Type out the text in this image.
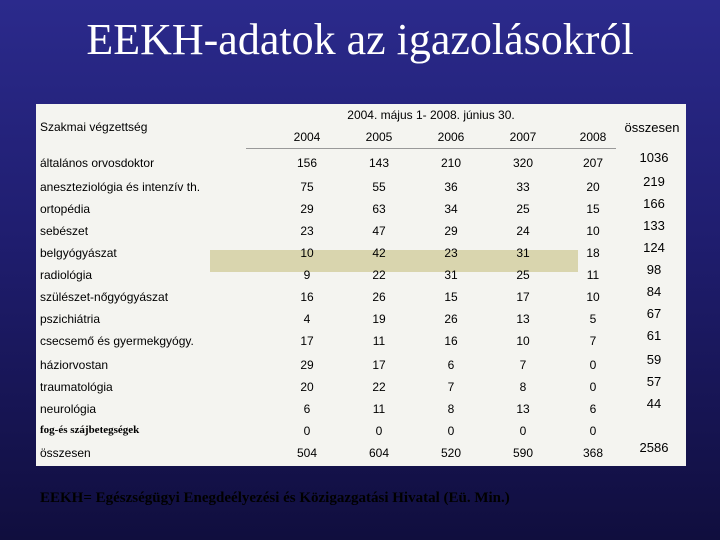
EEKH-adatok az igazolásokról
Szakmai végzettség
2004. május 1- 2008. június 30.
összesen
2004	2005	2006	2007	2008
általános orvosdoktor	156	143	210	320	207	1036
aneszteziológia és intenzív th.	75	55	36	33	20	219
ortopédia	29	63	34	25	15	166
sebészet	23	47	29	24	10	133
belgyógyászat	10	42	23	31	18	124
radiológia	9	22	31	25	11	98
szülészet-nőgyógyászat	16	26	15	17	10	84
pszichiátria	4	19	26	13	5	67
csecsemő és gyermekgyógy.	17	11	16	10	7	61
háziorvostan	29	17	6	7	0	59
traumatológia	20	22	7	8	0	57
neurológia	6	11	8	13	6	44
fog-és szájbetegségek	0	0	0	0	0
összesen	504	604	520	590	368	2586
EEKH= Egészségügyi Enegdeélyezési és Közigazgatási Hivatal (Eü. Min.)
